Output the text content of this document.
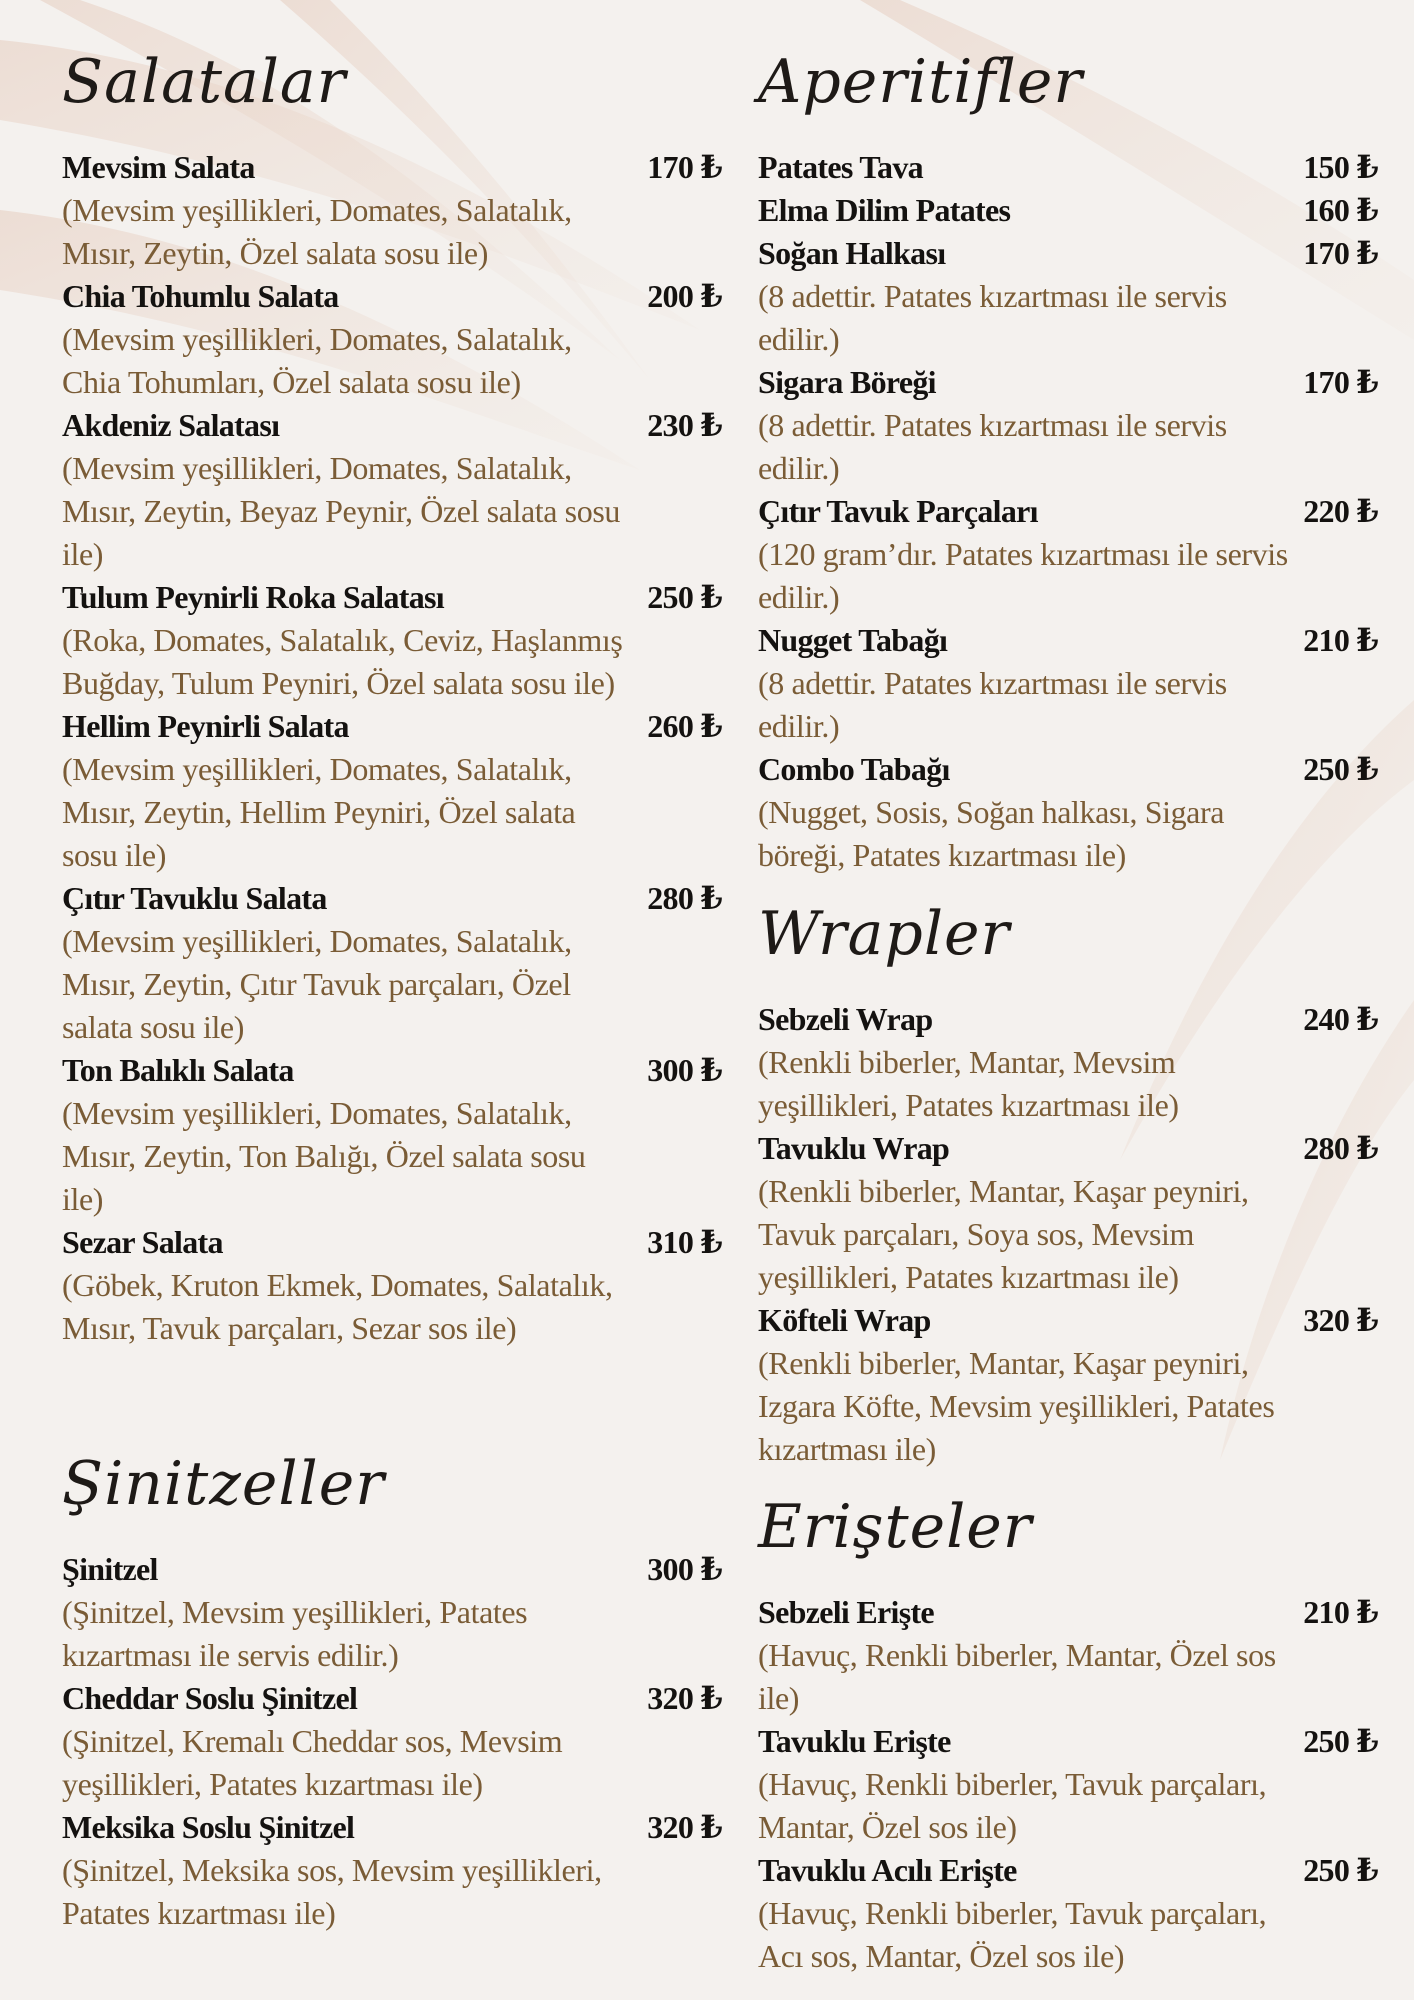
Salatalar
Mevsim Salata	170 ₺
(Mevsim yeşillikleri, Domates, Salatalık, Mısır, Zeytin, Özel salata sosu ile)
Chia Tohumlu Salata	200 ₺
(Mevsim yeşillikleri, Domates, Salatalık, Chia Tohumları, Özel salata sosu ile)
Akdeniz Salatası	230 ₺
(Mevsim yeşillikleri, Domates, Salatalık, Mısır, Zeytin, Beyaz Peynir, Özel salata sosu ile)
Tulum Peynirli Roka Salatası	250 ₺
(Roka, Domates, Salatalık, Ceviz, Haşlanmış Buğday, Tulum Peyniri, Özel salata sosu ile)
Hellim Peynirli Salata	260 ₺
(Mevsim yeşillikleri, Domates, Salatalık, Mısır, Zeytin, Hellim Peyniri, Özel salata sosu ile)
Çıtır Tavuklu Salata	280 ₺
(Mevsim yeşillikleri, Domates, Salatalık, Mısır, Zeytin, Çıtır Tavuk parçaları, Özel salata sosu ile)
Ton Balıklı Salata	300 ₺
(Mevsim yeşillikleri, Domates, Salatalık, Mısır, Zeytin, Ton Balığı, Özel salata sosu ile)
Sezar Salata	310 ₺
(Göbek, Kruton Ekmek, Domates, Salatalık, Mısır, Tavuk parçaları, Sezar sos ile)
Şinitzeller
Şinitzel	300 ₺
(Şinitzel, Mevsim yeşillikleri, Patates kızartması ile servis edilir.)
Cheddar Soslu Şinitzel	320 ₺
(Şinitzel, Kremalı Cheddar sos, Mevsim yeşillikleri, Patates kızartması ile)
Meksika Soslu Şinitzel	320 ₺
(Şinitzel, Meksika sos, Mevsim yeşillikleri, Patates kızartması ile)
Aperitifler
Patates Tava	150 ₺
Elma Dilim Patates	160 ₺
Soğan Halkası	170 ₺
(8 adettir. Patates kızartması ile servis edilir.)
Sigara Böreği	170 ₺
(8 adettir. Patates kızartması ile servis edilir.)
Çıtır Tavuk Parçaları	220 ₺
(120 gram’dır. Patates kızartması ile servis edilir.)
Nugget Tabağı	210 ₺
(8 adettir. Patates kızartması ile servis edilir.)
Combo Tabağı	250 ₺
(Nugget, Sosis, Soğan halkası, Sigara böreği, Patates kızartması ile)
Wrapler
Sebzeli Wrap	240 ₺
(Renkli biberler, Mantar, Mevsim yeşillikleri, Patates kızartması ile)
Tavuklu Wrap	280 ₺
(Renkli biberler, Mantar, Kaşar peyniri, Tavuk parçaları, Soya sos, Mevsim yeşillikleri, Patates kızartması ile)
Köfteli Wrap	320 ₺
(Renkli biberler, Mantar, Kaşar peyniri, Izgara Köfte, Mevsim yeşillikleri, Patates kızartması ile)
Erişteler
Sebzeli Erişte	210 ₺
(Havuç, Renkli biberler, Mantar, Özel sos ile)
Tavuklu Erişte	250 ₺
(Havuç, Renkli biberler, Tavuk parçaları, Mantar, Özel sos ile)
Tavuklu Acılı Erişte	250 ₺
(Havuç, Renkli biberler, Tavuk parçaları, Acı sos, Mantar, Özel sos ile)
